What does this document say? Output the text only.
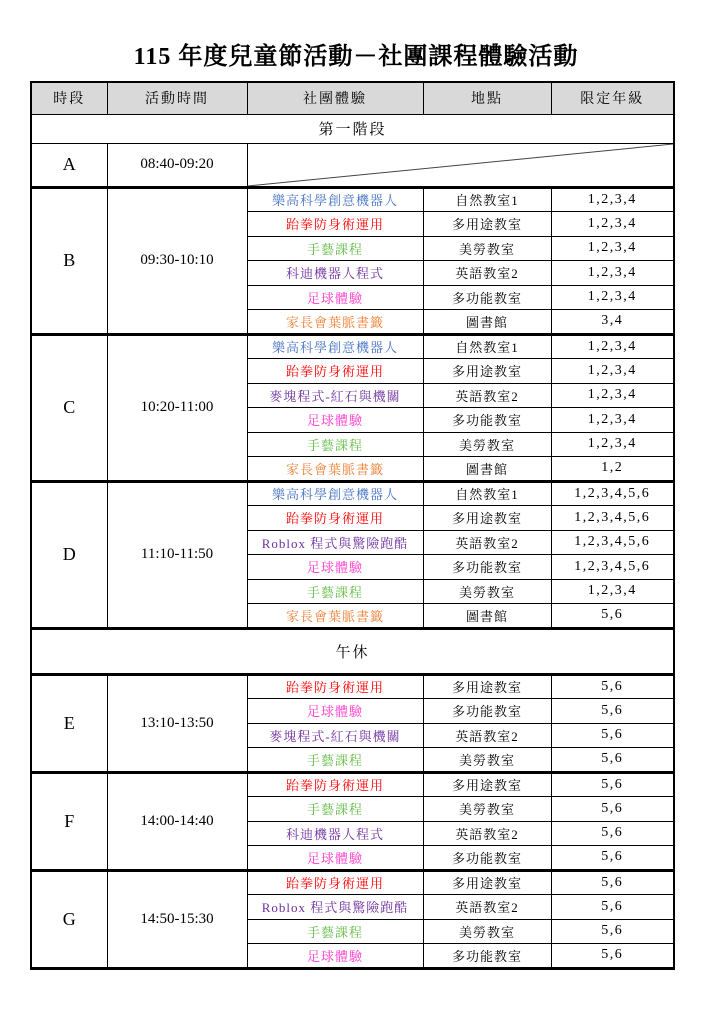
115 年度兒童節活動－社團課程體驗活動
時段	活動時間	社團體驗	地點	限定年級
第一階段				
A	08:40-09:20	

B	09:30-10:10	樂高科學創意機器人	自然教室1	1,2,3,4
		跆拳防身術運用	多用途教室	1,2,3,4
		手藝課程	美勞教室	1,2,3,4
		科迪機器人程式	英語教室2	1,2,3,4
		足球體驗	多功能教室	1,2,3,4
		家長會葉脈書籤	圖書館	3,4
C	10:20-11:00	樂高科學創意機器人	自然教室1	1,2,3,4
		跆拳防身術運用	多用途教室	1,2,3,4
		麥塊程式-紅石與機關	英語教室2	1,2,3,4
		足球體驗	多功能教室	1,2,3,4
		手藝課程	美勞教室	1,2,3,4
		家長會葉脈書籤	圖書館	1,2
D	11:10-11:50	樂高科學創意機器人	自然教室1	1,2,3,4,5,6
		跆拳防身術運用	多用途教室	1,2,3,4,5,6
		Roblox 程式與驚險跑酷	英語教室2	1,2,3,4,5,6
		足球體驗	多功能教室	1,2,3,4,5,6
		手藝課程	美勞教室	1,2,3,4
		家長會葉脈書籤	圖書館	5,6
午休				
E	13:10-13:50	跆拳防身術運用	多用途教室	5,6
		足球體驗	多功能教室	5,6
		麥塊程式-紅石與機關	英語教室2	5,6
		手藝課程	美勞教室	5,6
F	14:00-14:40	跆拳防身術運用	多用途教室	5,6
		手藝課程	美勞教室	5,6
		科迪機器人程式	英語教室2	5,6
		足球體驗	多功能教室	5,6
G	14:50-15:30	跆拳防身術運用	多用途教室	5,6
		Roblox 程式與驚險跑酷	英語教室2	5,6
		手藝課程	美勞教室	5,6
		足球體驗	多功能教室	5,6
